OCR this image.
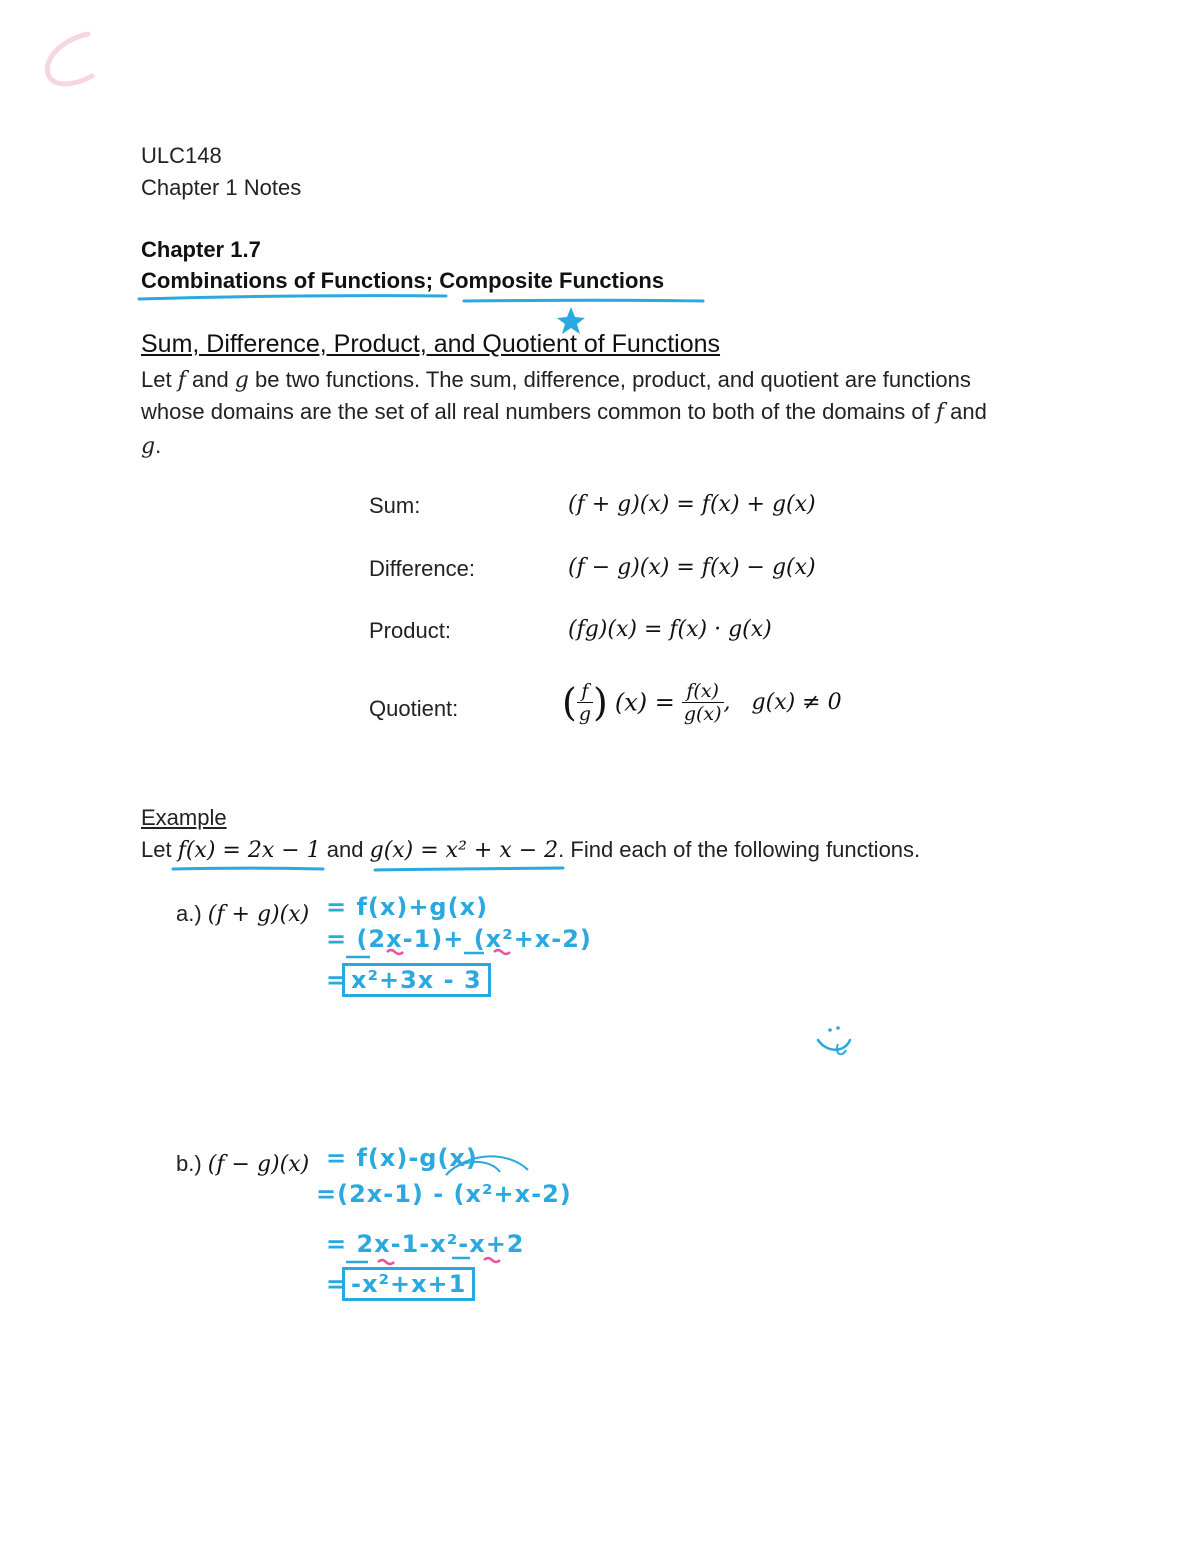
ULC148
Chapter 1 Notes
Chapter 1.7
Combinations of Functions; Composite Functions
Sum, Difference, Product, and Quotient of Functions
Let f and g be two functions. The sum, difference, product, and quotient are functions
whose domains are the set of all real numbers common to both of the domains of f and
g.
Sum:	(f + g)(x) = f(x) + g(x)
Difference:	(f − g)(x) = f(x) − g(x)
Product:	(fg)(x) = f(x) · g(x)
Quotient:	( $\frac{f}{g}$ ) $(x) = \frac{f(x)}{g(x)}$ , g(x) ≠ 0
Example
Let f(x) = 2x − 1 and g(x) = x² + x − 2. Find each of the following functions.
a.) (f + g)(x) = f(x)+g(x)
= (2x-1)+ (x²+x-2)
= x²+3x - 3
b.) (f − g)(x) = f(x)-g(x)
=(2x-1) - (x²+x-2)
= 2x-1-x²-x+2
= -x²+x+1
